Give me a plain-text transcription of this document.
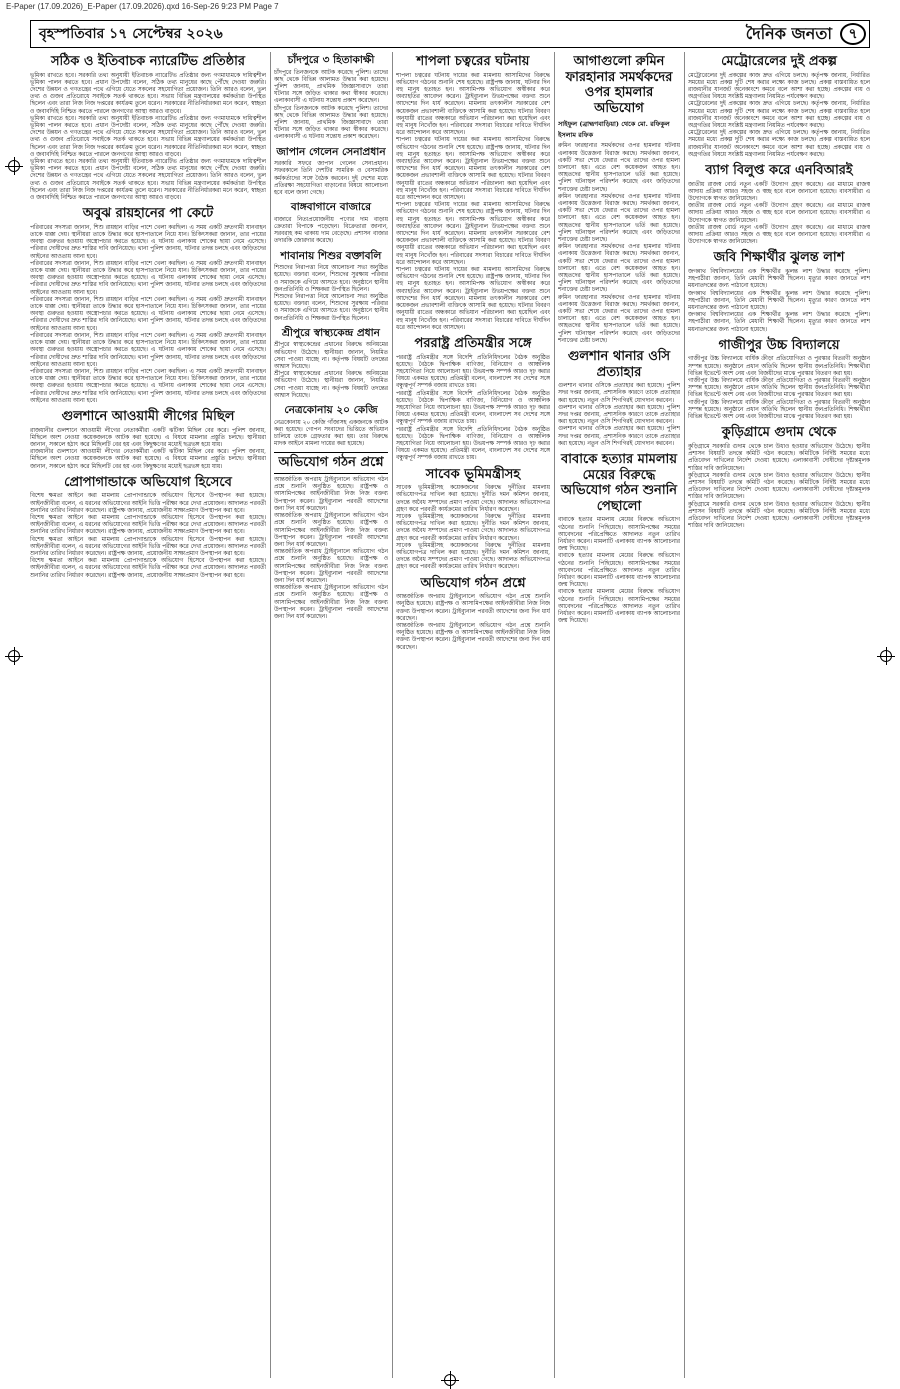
E-Paper (17.09.2026)_E-Paper (17.09.2026).qxd 16-Sep-26 9:23 PM Page 7
বৃহস্পতিবার ১৭ সেপ্টেম্বর ২০২৬	দৈনিক জনতা	৭
সঠিক ও ইতিবাচক ন্যারেটিভ প্রতিষ্ঠার

ভূমিকা রাখতে হবে। সরকারি তথ্য অনুযায়ী ইতিবাচক ন্যারেটিভ প্রতিষ্ঠার জন্য গণমাধ্যমকে দায়িত্বশীল ভূমিকা পালন করতে হবে। প্রধান উপদেষ্টা বলেন, সঠিক তথ্য মানুষের কাছে পৌঁছে দেওয়া জরুরি। দেশের উন্নয়ন ও গণতন্ত্রের পথে এগিয়ে যেতে সকলের সহযোগিতা প্রয়োজন। তিনি আরও বলেন, ভুল তথ্য ও গুজব প্রতিরোধে সবাইকে সতর্ক থাকতে হবে। সভায় বিভিন্ন মন্ত্রণালয়ের কর্মকর্তারা উপস্থিত ছিলেন এবং তারা নিজ নিজ দপ্তরের কার্যক্রম তুলে ধরেন। সরকারের নীতিনির্ধারকরা মনে করেন, স্বচ্ছতা ও জবাবদিহি নিশ্চিত করতে পারলে জনগণের আস্থা আরও বাড়বে।

ভূমিকা রাখতে হবে। সরকারি তথ্য অনুযায়ী ইতিবাচক ন্যারেটিভ প্রতিষ্ঠার জন্য গণমাধ্যমকে দায়িত্বশীল ভূমিকা পালন করতে হবে। প্রধান উপদেষ্টা বলেন, সঠিক তথ্য মানুষের কাছে পৌঁছে দেওয়া জরুরি। দেশের উন্নয়ন ও গণতন্ত্রের পথে এগিয়ে যেতে সকলের সহযোগিতা প্রয়োজন। তিনি আরও বলেন, ভুল তথ্য ও গুজব প্রতিরোধে সবাইকে সতর্ক থাকতে হবে। সভায় বিভিন্ন মন্ত্রণালয়ের কর্মকর্তারা উপস্থিত ছিলেন এবং তারা নিজ নিজ দপ্তরের কার্যক্রম তুলে ধরেন। সরকারের নীতিনির্ধারকরা মনে করেন, স্বচ্ছতা ও জবাবদিহি নিশ্চিত করতে পারলে জনগণের আস্থা আরও বাড়বে।

ভূমিকা রাখতে হবে। সরকারি তথ্য অনুযায়ী ইতিবাচক ন্যারেটিভ প্রতিষ্ঠার জন্য গণমাধ্যমকে দায়িত্বশীল ভূমিকা পালন করতে হবে। প্রধান উপদেষ্টা বলেন, সঠিক তথ্য মানুষের কাছে পৌঁছে দেওয়া জরুরি। দেশের উন্নয়ন ও গণতন্ত্রের পথে এগিয়ে যেতে সকলের সহযোগিতা প্রয়োজন। তিনি আরও বলেন, ভুল তথ্য ও গুজব প্রতিরোধে সবাইকে সতর্ক থাকতে হবে। সভায় বিভিন্ন মন্ত্রণালয়ের কর্মকর্তারা উপস্থিত ছিলেন এবং তারা নিজ নিজ দপ্তরের কার্যক্রম তুলে ধরেন। সরকারের নীতিনির্ধারকরা মনে করেন, স্বচ্ছতা ও জবাবদিহি নিশ্চিত করতে পারলে জনগণের আস্থা আরও বাড়বে।

অবুঝ রায়হানের পা কেটে

পরিবারের সদস্যরা জানান, শিশু রায়হান বাড়ির পাশে খেলা করছিল। এ সময় একটি দ্রুতগামী যানবাহন তাকে ধাক্কা দেয়। স্থানীয়রা তাকে উদ্ধার করে হাসপাতালে নিয়ে যান। চিকিৎসকরা জানান, তার পায়ের অবস্থা গুরুতর হওয়ায় অস্ত্রোপচার করতে হয়েছে। এ ঘটনায় এলাকায় শোকের ছায়া নেমে এসেছে। পরিবার দোষীদের দ্রুত শাস্তির দাবি জানিয়েছে। থানা পুলিশ জানায়, ঘটনার তদন্ত চলছে এবং জড়িতদের আইনের আওতায় আনা হবে।

পরিবারের সদস্যরা জানান, শিশু রায়হান বাড়ির পাশে খেলা করছিল। এ সময় একটি দ্রুতগামী যানবাহন তাকে ধাক্কা দেয়। স্থানীয়রা তাকে উদ্ধার করে হাসপাতালে নিয়ে যান। চিকিৎসকরা জানান, তার পায়ের অবস্থা গুরুতর হওয়ায় অস্ত্রোপচার করতে হয়েছে। এ ঘটনায় এলাকায় শোকের ছায়া নেমে এসেছে। পরিবার দোষীদের দ্রুত শাস্তির দাবি জানিয়েছে। থানা পুলিশ জানায়, ঘটনার তদন্ত চলছে এবং জড়িতদের আইনের আওতায় আনা হবে।

পরিবারের সদস্যরা জানান, শিশু রায়হান বাড়ির পাশে খেলা করছিল। এ সময় একটি দ্রুতগামী যানবাহন তাকে ধাক্কা দেয়। স্থানীয়রা তাকে উদ্ধার করে হাসপাতালে নিয়ে যান। চিকিৎসকরা জানান, তার পায়ের অবস্থা গুরুতর হওয়ায় অস্ত্রোপচার করতে হয়েছে। এ ঘটনায় এলাকায় শোকের ছায়া নেমে এসেছে। পরিবার দোষীদের দ্রুত শাস্তির দাবি জানিয়েছে। থানা পুলিশ জানায়, ঘটনার তদন্ত চলছে এবং জড়িতদের আইনের আওতায় আনা হবে।

পরিবারের সদস্যরা জানান, শিশু রায়হান বাড়ির পাশে খেলা করছিল। এ সময় একটি দ্রুতগামী যানবাহন তাকে ধাক্কা দেয়। স্থানীয়রা তাকে উদ্ধার করে হাসপাতালে নিয়ে যান। চিকিৎসকরা জানান, তার পায়ের অবস্থা গুরুতর হওয়ায় অস্ত্রোপচার করতে হয়েছে। এ ঘটনায় এলাকায় শোকের ছায়া নেমে এসেছে। পরিবার দোষীদের দ্রুত শাস্তির দাবি জানিয়েছে। থানা পুলিশ জানায়, ঘটনার তদন্ত চলছে এবং জড়িতদের আইনের আওতায় আনা হবে।

পরিবারের সদস্যরা জানান, শিশু রায়হান বাড়ির পাশে খেলা করছিল। এ সময় একটি দ্রুতগামী যানবাহন তাকে ধাক্কা দেয়। স্থানীয়রা তাকে উদ্ধার করে হাসপাতালে নিয়ে যান। চিকিৎসকরা জানান, তার পায়ের অবস্থা গুরুতর হওয়ায় অস্ত্রোপচার করতে হয়েছে। এ ঘটনায় এলাকায় শোকের ছায়া নেমে এসেছে। পরিবার দোষীদের দ্রুত শাস্তির দাবি জানিয়েছে। থানা পুলিশ জানায়, ঘটনার তদন্ত চলছে এবং জড়িতদের আইনের আওতায় আনা হবে।

গুলশানে আওয়ামী লীগের মিছিল

রাজধানীর গুলশানে আওয়ামী লীগের নেতাকর্মীরা একটি ঝটিকা মিছিল বের করে। পুলিশ জানায়, মিছিলে অংশ নেওয়া কয়েকজনকে আটক করা হয়েছে। এ বিষয়ে মামলার প্রস্তুতি চলছে। স্থানীয়রা জানান, সকালে হঠাৎ করে মিছিলটি বের হয় এবং কিছুক্ষণের মধ্যেই ছত্রভঙ্গ হয়ে যায়।

রাজধানীর গুলশানে আওয়ামী লীগের নেতাকর্মীরা একটি ঝটিকা মিছিল বের করে। পুলিশ জানায়, মিছিলে অংশ নেওয়া কয়েকজনকে আটক করা হয়েছে। এ বিষয়ে মামলার প্রস্তুতি চলছে। স্থানীয়রা জানান, সকালে হঠাৎ করে মিছিলটি বের হয় এবং কিছুক্ষণের মধ্যেই ছত্রভঙ্গ হয়ে যায়।

প্রোপাগান্ডাকে অভিযোগ হিসেবে

বিশেষ ক্ষমতা আইনে করা মামলায় প্রোপাগান্ডাকে অভিযোগ হিসেবে উপস্থাপন করা হয়েছে। আইনজীবীরা বলেন, এ ধরনের অভিযোগের আইনি ভিত্তি পরীক্ষা করে দেখা প্রয়োজন। আদালত পরবর্তী শুনানির তারিখ নির্ধারণ করেছেন। রাষ্ট্রপক্ষ জানায়, প্রয়োজনীয় সাক্ষ্যপ্রমাণ উপস্থাপন করা হবে।

বিশেষ ক্ষমতা আইনে করা মামলায় প্রোপাগান্ডাকে অভিযোগ হিসেবে উপস্থাপন করা হয়েছে। আইনজীবীরা বলেন, এ ধরনের অভিযোগের আইনি ভিত্তি পরীক্ষা করে দেখা প্রয়োজন। আদালত পরবর্তী শুনানির তারিখ নির্ধারণ করেছেন। রাষ্ট্রপক্ষ জানায়, প্রয়োজনীয় সাক্ষ্যপ্রমাণ উপস্থাপন করা হবে।

বিশেষ ক্ষমতা আইনে করা মামলায় প্রোপাগান্ডাকে অভিযোগ হিসেবে উপস্থাপন করা হয়েছে। আইনজীবীরা বলেন, এ ধরনের অভিযোগের আইনি ভিত্তি পরীক্ষা করে দেখা প্রয়োজন। আদালত পরবর্তী শুনানির তারিখ নির্ধারণ করেছেন। রাষ্ট্রপক্ষ জানায়, প্রয়োজনীয় সাক্ষ্যপ্রমাণ উপস্থাপন করা হবে।

বিশেষ ক্ষমতা আইনে করা মামলায় প্রোপাগান্ডাকে অভিযোগ হিসেবে উপস্থাপন করা হয়েছে। আইনজীবীরা বলেন, এ ধরনের অভিযোগের আইনি ভিত্তি পরীক্ষা করে দেখা প্রয়োজন। আদালত পরবর্তী শুনানির তারিখ নির্ধারণ করেছেন। রাষ্ট্রপক্ষ জানায়, প্রয়োজনীয় সাক্ষ্যপ্রমাণ উপস্থাপন করা হবে।

চাঁদপুরে ৩ হিতাকাক্ষী

চাঁদপুরে তিনজনকে আটক করেছে পুলিশ। তাদের কাছ থেকে বিভিন্ন আলামত উদ্ধার করা হয়েছে। পুলিশ জানায়, প্রাথমিক জিজ্ঞাসাবাদে তারা ঘটনার সঙ্গে জড়িত থাকার কথা স্বীকার করেছে। এলাকাবাসী এ ঘটনায় সন্তোষ প্রকাশ করেছেন।

চাঁদপুরে তিনজনকে আটক করেছে পুলিশ। তাদের কাছ থেকে বিভিন্ন আলামত উদ্ধার করা হয়েছে। পুলিশ জানায়, প্রাথমিক জিজ্ঞাসাবাদে তারা ঘটনার সঙ্গে জড়িত থাকার কথা স্বীকার করেছে। এলাকাবাসী এ ঘটনায় সন্তোষ প্রকাশ করেছেন।

জাপান গেলেন সেনাপ্রধান

সরকারি সফরে জাপান গেলেন সেনাপ্রধান। সফরকালে তিনি দেশটির সামরিক ও বেসামরিক কর্মকর্তাদের সঙ্গে বৈঠক করবেন। দুই দেশের মধ্যে প্রতিরক্ষা সহযোগিতা বাড়ানোর বিষয়ে আলোচনা হবে বলে জানা গেছে।

বাঙ্গবাগানে বাজারে

বাজারে নিত্যপ্রয়োজনীয় পণ্যের দাম বাড়ায় ক্রেতারা বিপাকে পড়েছেন। বিক্রেতারা জানান, সরবরাহ কম থাকায় দাম বেড়েছে। প্রশাসন বাজার তদারকি জোরদার করেছে।

শাবানায় শিশুর বক্তাবলি

শিশুদের নিরাপত্তা নিয়ে আলোচনা সভা অনুষ্ঠিত হয়েছে। বক্তারা বলেন, শিশুদের সুরক্ষায় পরিবার ও সমাজকে এগিয়ে আসতে হবে। অনুষ্ঠানে স্থানীয় জনপ্রতিনিধি ও শিক্ষকরা উপস্থিত ছিলেন।

শিশুদের নিরাপত্তা নিয়ে আলোচনা সভা অনুষ্ঠিত হয়েছে। বক্তারা বলেন, শিশুদের সুরক্ষায় পরিবার ও সমাজকে এগিয়ে আসতে হবে। অনুষ্ঠানে স্থানীয় জনপ্রতিনিধি ও শিক্ষকরা উপস্থিত ছিলেন।

শ্রীপুরে স্বাস্থ্যকেন্দ্র প্রধান

শ্রীপুরে স্বাস্থ্যকেন্দ্রের প্রধানের বিরুদ্ধে অনিয়মের অভিযোগ উঠেছে। স্থানীয়রা জানান, নিয়মিত সেবা পাওয়া যাচ্ছে না। কর্তৃপক্ষ বিষয়টি তদন্তের আশ্বাস দিয়েছে।

শ্রীপুরে স্বাস্থ্যকেন্দ্রের প্রধানের বিরুদ্ধে অনিয়মের অভিযোগ উঠেছে। স্থানীয়রা জানান, নিয়মিত সেবা পাওয়া যাচ্ছে না। কর্তৃপক্ষ বিষয়টি তদন্তের আশ্বাস দিয়েছে।

নেত্রকোনায় ২০ কেজি

নেত্রকোনায় ২০ কেজি গাঁজাসহ একজনকে আটক করা হয়েছে। গোপন সংবাদের ভিত্তিতে অভিযান চালিয়ে তাকে গ্রেফতার করা হয়। তার বিরুদ্ধে মাদক আইনে মামলা দায়ের করা হয়েছে।

অভিযোগ গঠন প্রশ্নে

আন্তর্জাতিক অপরাধ ট্রাইব্যুনালে অভিযোগ গঠন প্রশ্নে শুনানি অনুষ্ঠিত হয়েছে। রাষ্ট্রপক্ষ ও আসামিপক্ষের আইনজীবীরা নিজ নিজ বক্তব্য উপস্থাপন করেন। ট্রাইব্যুনাল পরবর্তী আদেশের জন্য দিন ধার্য করেছেন।

আন্তর্জাতিক অপরাধ ট্রাইব্যুনালে অভিযোগ গঠন প্রশ্নে শুনানি অনুষ্ঠিত হয়েছে। রাষ্ট্রপক্ষ ও আসামিপক্ষের আইনজীবীরা নিজ নিজ বক্তব্য উপস্থাপন করেন। ট্রাইব্যুনাল পরবর্তী আদেশের জন্য দিন ধার্য করেছেন।

আন্তর্জাতিক অপরাধ ট্রাইব্যুনালে অভিযোগ গঠন প্রশ্নে শুনানি অনুষ্ঠিত হয়েছে। রাষ্ট্রপক্ষ ও আসামিপক্ষের আইনজীবীরা নিজ নিজ বক্তব্য উপস্থাপন করেন। ট্রাইব্যুনাল পরবর্তী আদেশের জন্য দিন ধার্য করেছেন।

আন্তর্জাতিক অপরাধ ট্রাইব্যুনালে অভিযোগ গঠন প্রশ্নে শুনানি অনুষ্ঠিত হয়েছে। রাষ্ট্রপক্ষ ও আসামিপক্ষের আইনজীবীরা নিজ নিজ বক্তব্য উপস্থাপন করেন। ট্রাইব্যুনাল পরবর্তী আদেশের জন্য দিন ধার্য করেছেন।

শাপলা চত্বরের ঘটনায়

শাপলা চত্বরের ঘটনায় দায়ের করা মামলায় আসামিদের বিরুদ্ধে অভিযোগ গঠনের শুনানি শেষ হয়েছে। রাষ্ট্রপক্ষ জানায়, ঘটনার দিন বহু মানুষ হতাহত হন। আসামিপক্ষ অভিযোগ অস্বীকার করে অব্যাহতির আবেদন করেন। ট্রাইব্যুনাল উভয়পক্ষের বক্তব্য শুনে আদেশের দিন ধার্য করেছেন। মামলায় তৎকালীন সরকারের বেশ কয়েকজন প্রভাবশালী ব্যক্তিকে আসামি করা হয়েছে। ঘটনার বিবরণ অনুযায়ী রাতের অন্ধকারে অভিযান পরিচালনা করা হয়েছিল এবং বহু মানুষ নিখোঁজ হন। পরিবারের সদস্যরা বিচারের দাবিতে দীর্ঘদিন ধরে আন্দোলন করে আসছেন।

শাপলা চত্বরের ঘটনায় দায়ের করা মামলায় আসামিদের বিরুদ্ধে অভিযোগ গঠনের শুনানি শেষ হয়েছে। রাষ্ট্রপক্ষ জানায়, ঘটনার দিন বহু মানুষ হতাহত হন। আসামিপক্ষ অভিযোগ অস্বীকার করে অব্যাহতির আবেদন করেন। ট্রাইব্যুনাল উভয়পক্ষের বক্তব্য শুনে আদেশের দিন ধার্য করেছেন। মামলায় তৎকালীন সরকারের বেশ কয়েকজন প্রভাবশালী ব্যক্তিকে আসামি করা হয়েছে। ঘটনার বিবরণ অনুযায়ী রাতের অন্ধকারে অভিযান পরিচালনা করা হয়েছিল এবং বহু মানুষ নিখোঁজ হন। পরিবারের সদস্যরা বিচারের দাবিতে দীর্ঘদিন ধরে আন্দোলন করে আসছেন।

শাপলা চত্বরের ঘটনায় দায়ের করা মামলায় আসামিদের বিরুদ্ধে অভিযোগ গঠনের শুনানি শেষ হয়েছে। রাষ্ট্রপক্ষ জানায়, ঘটনার দিন বহু মানুষ হতাহত হন। আসামিপক্ষ অভিযোগ অস্বীকার করে অব্যাহতির আবেদন করেন। ট্রাইব্যুনাল উভয়পক্ষের বক্তব্য শুনে আদেশের দিন ধার্য করেছেন। মামলায় তৎকালীন সরকারের বেশ কয়েকজন প্রভাবশালী ব্যক্তিকে আসামি করা হয়েছে। ঘটনার বিবরণ অনুযায়ী রাতের অন্ধকারে অভিযান পরিচালনা করা হয়েছিল এবং বহু মানুষ নিখোঁজ হন। পরিবারের সদস্যরা বিচারের দাবিতে দীর্ঘদিন ধরে আন্দোলন করে আসছেন।

শাপলা চত্বরের ঘটনায় দায়ের করা মামলায় আসামিদের বিরুদ্ধে অভিযোগ গঠনের শুনানি শেষ হয়েছে। রাষ্ট্রপক্ষ জানায়, ঘটনার দিন বহু মানুষ হতাহত হন। আসামিপক্ষ অভিযোগ অস্বীকার করে অব্যাহতির আবেদন করেন। ট্রাইব্যুনাল উভয়পক্ষের বক্তব্য শুনে আদেশের দিন ধার্য করেছেন। মামলায় তৎকালীন সরকারের বেশ কয়েকজন প্রভাবশালী ব্যক্তিকে আসামি করা হয়েছে। ঘটনার বিবরণ অনুযায়ী রাতের অন্ধকারে অভিযান পরিচালনা করা হয়েছিল এবং বহু মানুষ নিখোঁজ হন। পরিবারের সদস্যরা বিচারের দাবিতে দীর্ঘদিন ধরে আন্দোলন করে আসছেন।

পররাষ্ট্র প্রতিমন্ত্রীর সঙ্গে

পররাষ্ট্র প্রতিমন্ত্রীর সঙ্গে বিদেশি প্রতিনিধিদলের বৈঠক অনুষ্ঠিত হয়েছে। বৈঠকে দ্বিপাক্ষিক বাণিজ্য, বিনিয়োগ ও আঞ্চলিক সহযোগিতা নিয়ে আলোচনা হয়। উভয়পক্ষ সম্পর্ক আরও দৃঢ় করার বিষয়ে একমত হয়েছে। প্রতিমন্ত্রী বলেন, বাংলাদেশ সব দেশের সঙ্গে বন্ধুত্বপূর্ণ সম্পর্ক বজায় রাখতে চায়।

পররাষ্ট্র প্রতিমন্ত্রীর সঙ্গে বিদেশি প্রতিনিধিদলের বৈঠক অনুষ্ঠিত হয়েছে। বৈঠকে দ্বিপাক্ষিক বাণিজ্য, বিনিয়োগ ও আঞ্চলিক সহযোগিতা নিয়ে আলোচনা হয়। উভয়পক্ষ সম্পর্ক আরও দৃঢ় করার বিষয়ে একমত হয়েছে। প্রতিমন্ত্রী বলেন, বাংলাদেশ সব দেশের সঙ্গে বন্ধুত্বপূর্ণ সম্পর্ক বজায় রাখতে চায়।

পররাষ্ট্র প্রতিমন্ত্রীর সঙ্গে বিদেশি প্রতিনিধিদলের বৈঠক অনুষ্ঠিত হয়েছে। বৈঠকে দ্বিপাক্ষিক বাণিজ্য, বিনিয়োগ ও আঞ্চলিক সহযোগিতা নিয়ে আলোচনা হয়। উভয়পক্ষ সম্পর্ক আরও দৃঢ় করার বিষয়ে একমত হয়েছে। প্রতিমন্ত্রী বলেন, বাংলাদেশ সব দেশের সঙ্গে বন্ধুত্বপূর্ণ সম্পর্ক বজায় রাখতে চায়।

সাবেক ভূমিমন্ত্রীসহ

সাবেক ভূমিমন্ত্রীসহ কয়েকজনের বিরুদ্ধে দুর্নীতির মামলায় অভিযোগপত্র দাখিল করা হয়েছে। দুর্নীতি দমন কমিশন জানায়, তদন্তে অবৈধ সম্পদের প্রমাণ পাওয়া গেছে। আদালত অভিযোগপত্র গ্রহণ করে পরবর্তী কার্যক্রমের তারিখ নির্ধারণ করেছেন।

সাবেক ভূমিমন্ত্রীসহ কয়েকজনের বিরুদ্ধে দুর্নীতির মামলায় অভিযোগপত্র দাখিল করা হয়েছে। দুর্নীতি দমন কমিশন জানায়, তদন্তে অবৈধ সম্পদের প্রমাণ পাওয়া গেছে। আদালত অভিযোগপত্র গ্রহণ করে পরবর্তী কার্যক্রমের তারিখ নির্ধারণ করেছেন।

সাবেক ভূমিমন্ত্রীসহ কয়েকজনের বিরুদ্ধে দুর্নীতির মামলায় অভিযোগপত্র দাখিল করা হয়েছে। দুর্নীতি দমন কমিশন জানায়, তদন্তে অবৈধ সম্পদের প্রমাণ পাওয়া গেছে। আদালত অভিযোগপত্র গ্রহণ করে পরবর্তী কার্যক্রমের তারিখ নির্ধারণ করেছেন।

অভিযোগ গঠন প্রশ্নে

আন্তর্জাতিক অপরাধ ট্রাইব্যুনালে অভিযোগ গঠন প্রশ্নে শুনানি অনুষ্ঠিত হয়েছে। রাষ্ট্রপক্ষ ও আসামিপক্ষের আইনজীবীরা নিজ নিজ বক্তব্য উপস্থাপন করেন। ট্রাইব্যুনাল পরবর্তী আদেশের জন্য দিন ধার্য করেছেন।

আন্তর্জাতিক অপরাধ ট্রাইব্যুনালে অভিযোগ গঠন প্রশ্নে শুনানি অনুষ্ঠিত হয়েছে। রাষ্ট্রপক্ষ ও আসামিপক্ষের আইনজীবীরা নিজ নিজ বক্তব্য উপস্থাপন করেন। ট্রাইব্যুনাল পরবর্তী আদেশের জন্য দিন ধার্য করেছেন।

আগাগুলো রুমিন ফারহানার সমর্থকদের ওপর হামলার অভিযোগ
সাইফুল (ব্রাহ্মণবাড়িয়া) থেকে মো. রফিকুল ইসলাম রফিক

রুমিন ফারহানার সমর্থকদের ওপর হামলার ঘটনায় এলাকায় উত্তেজনা বিরাজ করছে। সমর্থকরা জানান, একটি সভা শেষে ফেরার পথে তাদের ওপর হামলা চালানো হয়। এতে বেশ কয়েকজন আহত হন। আহতদের স্থানীয় হাসপাতালে ভর্তি করা হয়েছে। পুলিশ ঘটনাস্থল পরিদর্শন করেছে এবং জড়িতদের শনাক্তের চেষ্টা চলছে।

রুমিন ফারহানার সমর্থকদের ওপর হামলার ঘটনায় এলাকায় উত্তেজনা বিরাজ করছে। সমর্থকরা জানান, একটি সভা শেষে ফেরার পথে তাদের ওপর হামলা চালানো হয়। এতে বেশ কয়েকজন আহত হন। আহতদের স্থানীয় হাসপাতালে ভর্তি করা হয়েছে। পুলিশ ঘটনাস্থল পরিদর্শন করেছে এবং জড়িতদের শনাক্তের চেষ্টা চলছে।

রুমিন ফারহানার সমর্থকদের ওপর হামলার ঘটনায় এলাকায় উত্তেজনা বিরাজ করছে। সমর্থকরা জানান, একটি সভা শেষে ফেরার পথে তাদের ওপর হামলা চালানো হয়। এতে বেশ কয়েকজন আহত হন। আহতদের স্থানীয় হাসপাতালে ভর্তি করা হয়েছে। পুলিশ ঘটনাস্থল পরিদর্শন করেছে এবং জড়িতদের শনাক্তের চেষ্টা চলছে।

রুমিন ফারহানার সমর্থকদের ওপর হামলার ঘটনায় এলাকায় উত্তেজনা বিরাজ করছে। সমর্থকরা জানান, একটি সভা শেষে ফেরার পথে তাদের ওপর হামলা চালানো হয়। এতে বেশ কয়েকজন আহত হন। আহতদের স্থানীয় হাসপাতালে ভর্তি করা হয়েছে। পুলিশ ঘটনাস্থল পরিদর্শন করেছে এবং জড়িতদের শনাক্তের চেষ্টা চলছে।

গুলশান থানার ওসি প্রত্যাহার

গুলশান থানার ওসিকে প্রত্যাহার করা হয়েছে। পুলিশ সদর দপ্তর জানায়, প্রশাসনিক কারণে তাকে প্রত্যাহার করা হয়েছে। নতুন ওসি শিগগিরই যোগদান করবেন।

গুলশান থানার ওসিকে প্রত্যাহার করা হয়েছে। পুলিশ সদর দপ্তর জানায়, প্রশাসনিক কারণে তাকে প্রত্যাহার করা হয়েছে। নতুন ওসি শিগগিরই যোগদান করবেন।

গুলশান থানার ওসিকে প্রত্যাহার করা হয়েছে। পুলিশ সদর দপ্তর জানায়, প্রশাসনিক কারণে তাকে প্রত্যাহার করা হয়েছে। নতুন ওসি শিগগিরই যোগদান করবেন।

বাবাকে হত্যার মামলায় মেয়ের বিরুদ্ধে অভিযোগ গঠন শুনানি পেছালো

বাবাকে হত্যার মামলায় মেয়ের বিরুদ্ধে অভিযোগ গঠনের শুনানি পিছিয়েছে। আসামিপক্ষের সময়ের আবেদনের পরিপ্রেক্ষিতে আদালত নতুন তারিখ নির্ধারণ করেন। মামলাটি এলাকায় ব্যাপক আলোচনার জন্ম দিয়েছে।

বাবাকে হত্যার মামলায় মেয়ের বিরুদ্ধে অভিযোগ গঠনের শুনানি পিছিয়েছে। আসামিপক্ষের সময়ের আবেদনের পরিপ্রেক্ষিতে আদালত নতুন তারিখ নির্ধারণ করেন। মামলাটি এলাকায় ব্যাপক আলোচনার জন্ম দিয়েছে।

বাবাকে হত্যার মামলায় মেয়ের বিরুদ্ধে অভিযোগ গঠনের শুনানি পিছিয়েছে। আসামিপক্ষের সময়ের আবেদনের পরিপ্রেক্ষিতে আদালত নতুন তারিখ নির্ধারণ করেন। মামলাটি এলাকায় ব্যাপক আলোচনার জন্ম দিয়েছে।

মেট্রোরেলের দুই প্রকল্প

মেট্রোরেলের দুই প্রকল্পের কাজ দ্রুত এগিয়ে চলছে। কর্তৃপক্ষ জানায়, নির্ধারিত সময়ের মধ্যে প্রকল্প দুটি শেষ করার লক্ষ্যে কাজ চলছে। প্রকল্প বাস্তবায়িত হলে রাজধানীর যানজট অনেকাংশে কমবে বলে আশা করা হচ্ছে। প্রকল্পের ব্যয় ও অগ্রগতির বিষয়ে সংশ্লিষ্ট মন্ত্রণালয় নিয়মিত পর্যবেক্ষণ করছে।

মেট্রোরেলের দুই প্রকল্পের কাজ দ্রুত এগিয়ে চলছে। কর্তৃপক্ষ জানায়, নির্ধারিত সময়ের মধ্যে প্রকল্প দুটি শেষ করার লক্ষ্যে কাজ চলছে। প্রকল্প বাস্তবায়িত হলে রাজধানীর যানজট অনেকাংশে কমবে বলে আশা করা হচ্ছে। প্রকল্পের ব্যয় ও অগ্রগতির বিষয়ে সংশ্লিষ্ট মন্ত্রণালয় নিয়মিত পর্যবেক্ষণ করছে।

মেট্রোরেলের দুই প্রকল্পের কাজ দ্রুত এগিয়ে চলছে। কর্তৃপক্ষ জানায়, নির্ধারিত সময়ের মধ্যে প্রকল্প দুটি শেষ করার লক্ষ্যে কাজ চলছে। প্রকল্প বাস্তবায়িত হলে রাজধানীর যানজট অনেকাংশে কমবে বলে আশা করা হচ্ছে। প্রকল্পের ব্যয় ও অগ্রগতির বিষয়ে সংশ্লিষ্ট মন্ত্রণালয় নিয়মিত পর্যবেক্ষণ করছে।

ব্যাগ বিলুপ্ত করে এনবিআরই

জাতীয় রাজস্ব বোর্ড নতুন একটি উদ্যোগ গ্রহণ করেছে। এর মাধ্যমে রাজস্ব আদায় প্রক্রিয়া আরও সহজ ও স্বচ্ছ হবে বলে জানানো হয়েছে। ব্যবসায়ীরা এ উদ্যোগকে স্বাগত জানিয়েছেন।

জাতীয় রাজস্ব বোর্ড নতুন একটি উদ্যোগ গ্রহণ করেছে। এর মাধ্যমে রাজস্ব আদায় প্রক্রিয়া আরও সহজ ও স্বচ্ছ হবে বলে জানানো হয়েছে। ব্যবসায়ীরা এ উদ্যোগকে স্বাগত জানিয়েছেন।

জাতীয় রাজস্ব বোর্ড নতুন একটি উদ্যোগ গ্রহণ করেছে। এর মাধ্যমে রাজস্ব আদায় প্রক্রিয়া আরও সহজ ও স্বচ্ছ হবে বলে জানানো হয়েছে। ব্যবসায়ীরা এ উদ্যোগকে স্বাগত জানিয়েছেন।

জবি শিক্ষার্থীর ঝুলন্ত লাশ

জগন্নাথ বিশ্ববিদ্যালয়ের এক শিক্ষার্থীর ঝুলন্ত লাশ উদ্ধার করেছে পুলিশ। সহপাঠীরা জানান, তিনি মেধাবী শিক্ষার্থী ছিলেন। মৃত্যুর কারণ জানতে লাশ ময়নাতদন্তের জন্য পাঠানো হয়েছে।

জগন্নাথ বিশ্ববিদ্যালয়ের এক শিক্ষার্থীর ঝুলন্ত লাশ উদ্ধার করেছে পুলিশ। সহপাঠীরা জানান, তিনি মেধাবী শিক্ষার্থী ছিলেন। মৃত্যুর কারণ জানতে লাশ ময়নাতদন্তের জন্য পাঠানো হয়েছে।

জগন্নাথ বিশ্ববিদ্যালয়ের এক শিক্ষার্থীর ঝুলন্ত লাশ উদ্ধার করেছে পুলিশ। সহপাঠীরা জানান, তিনি মেধাবী শিক্ষার্থী ছিলেন। মৃত্যুর কারণ জানতে লাশ ময়নাতদন্তের জন্য পাঠানো হয়েছে।

গাজীপুর উচ্চ বিদ্যালয়ে

গাজীপুর উচ্চ বিদ্যালয়ে বার্ষিক ক্রীড়া প্রতিযোগিতা ও পুরস্কার বিতরণী অনুষ্ঠান সম্পন্ন হয়েছে। অনুষ্ঠানে প্রধান অতিথি ছিলেন স্থানীয় জনপ্রতিনিধি। শিক্ষার্থীরা বিভিন্ন ইভেন্টে অংশ নেয় এবং বিজয়ীদের মাঝে পুরস্কার বিতরণ করা হয়।

গাজীপুর উচ্চ বিদ্যালয়ে বার্ষিক ক্রীড়া প্রতিযোগিতা ও পুরস্কার বিতরণী অনুষ্ঠান সম্পন্ন হয়েছে। অনুষ্ঠানে প্রধান অতিথি ছিলেন স্থানীয় জনপ্রতিনিধি। শিক্ষার্থীরা বিভিন্ন ইভেন্টে অংশ নেয় এবং বিজয়ীদের মাঝে পুরস্কার বিতরণ করা হয়।

গাজীপুর উচ্চ বিদ্যালয়ে বার্ষিক ক্রীড়া প্রতিযোগিতা ও পুরস্কার বিতরণী অনুষ্ঠান সম্পন্ন হয়েছে। অনুষ্ঠানে প্রধান অতিথি ছিলেন স্থানীয় জনপ্রতিনিধি। শিক্ষার্থীরা বিভিন্ন ইভেন্টে অংশ নেয় এবং বিজয়ীদের মাঝে পুরস্কার বিতরণ করা হয়।

কুড়িগ্রামে গুদাম থেকে

কুড়িগ্রামে সরকারি গুদাম থেকে চাল উধাও হওয়ার অভিযোগ উঠেছে। স্থানীয় প্রশাসন বিষয়টি তদন্তে কমিটি গঠন করেছে। কমিটিকে নির্দিষ্ট সময়ের মধ্যে প্রতিবেদন দাখিলের নির্দেশ দেওয়া হয়েছে। এলাকাবাসী দোষীদের দৃষ্টান্তমূলক শাস্তির দাবি জানিয়েছেন।

কুড়িগ্রামে সরকারি গুদাম থেকে চাল উধাও হওয়ার অভিযোগ উঠেছে। স্থানীয় প্রশাসন বিষয়টি তদন্তে কমিটি গঠন করেছে। কমিটিকে নির্দিষ্ট সময়ের মধ্যে প্রতিবেদন দাখিলের নির্দেশ দেওয়া হয়েছে। এলাকাবাসী দোষীদের দৃষ্টান্তমূলক শাস্তির দাবি জানিয়েছেন।

কুড়িগ্রামে সরকারি গুদাম থেকে চাল উধাও হওয়ার অভিযোগ উঠেছে। স্থানীয় প্রশাসন বিষয়টি তদন্তে কমিটি গঠন করেছে। কমিটিকে নির্দিষ্ট সময়ের মধ্যে প্রতিবেদন দাখিলের নির্দেশ দেওয়া হয়েছে। এলাকাবাসী দোষীদের দৃষ্টান্তমূলক শাস্তির দাবি জানিয়েছেন।
